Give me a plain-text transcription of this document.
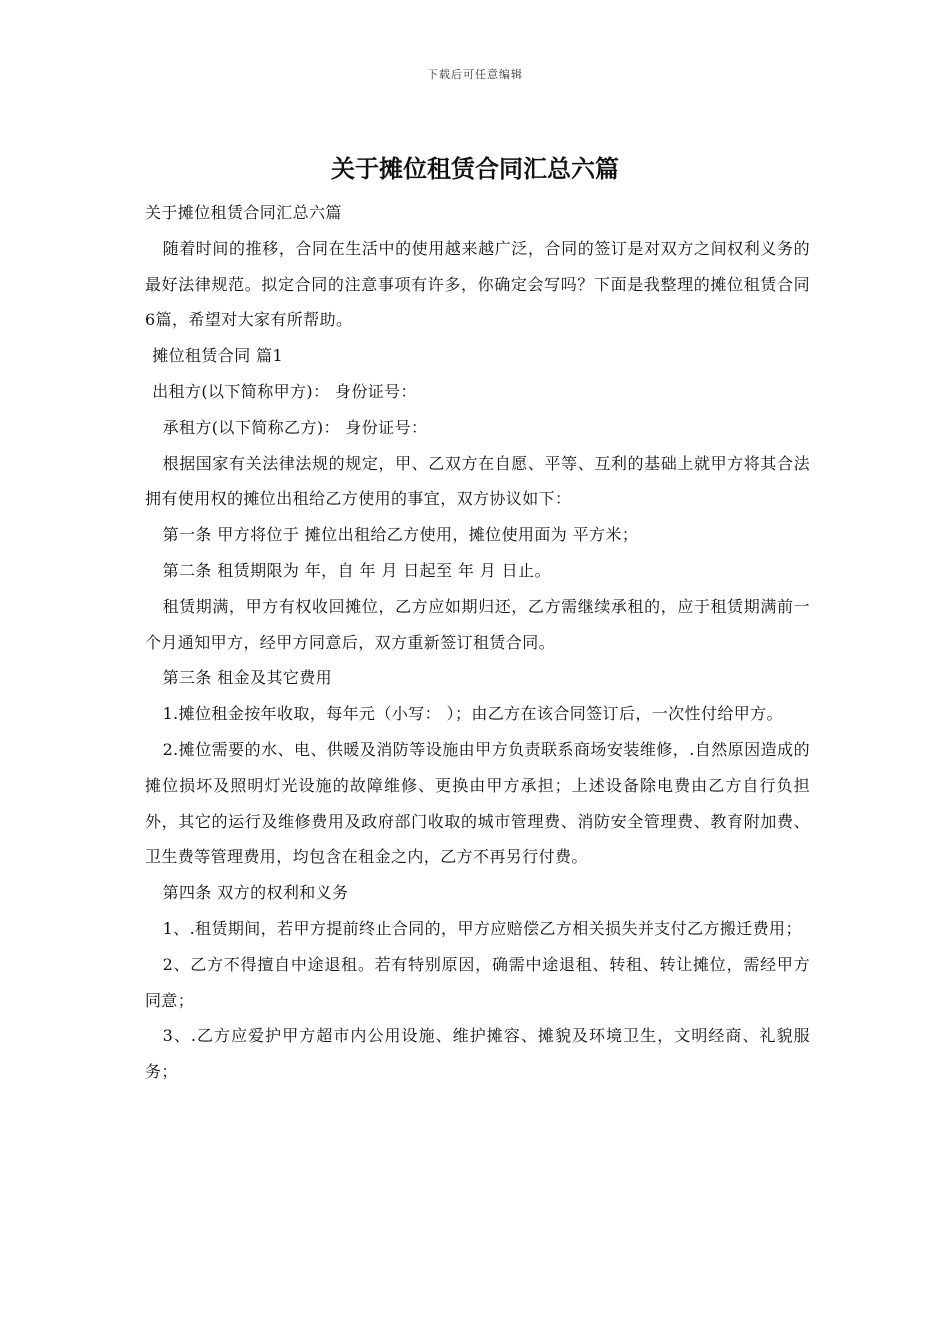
下载后可任意编辑
关于摊位租赁合同汇总六篇

关于摊位租赁合同汇总六篇

随着时间的推移，合同在生活中的使用越来越广泛，合同的签订是对双方之间权利义务的最好法律规范。拟定合同的注意事项有许多，你确定会写吗？下面是我整理的摊位租赁合同6篇，希望对大家有所帮助。

摊位租赁合同 篇1

出租方(以下简称甲方)： 身份证号：

承租方(以下简称乙方)： 身份证号：

根据国家有关法律法规的规定，甲、乙双方在自愿、平等、互利的基础上就甲方将其合法拥有使用权的摊位出租给乙方使用的事宜，双方协议如下：

第一条 甲方将位于 摊位出租给乙方使用，摊位使用面为 平方米；

第二条 租赁期限为 年，自 年 月 日起至 年 月 日止。

租赁期满，甲方有权收回摊位，乙方应如期归还，乙方需继续承租的，应于租赁期满前一个月通知甲方，经甲方同意后，双方重新签订租赁合同。

第三条 租金及其它费用

1.摊位租金按年收取，每年元（小写： ）；由乙方在该合同签订后，一次性付给甲方。

2.摊位需要的水、电、供暖及消防等设施由甲方负责联系商场安装维修，.自然原因造成的摊位损坏及照明灯光设施的故障维修、更换由甲方承担；上述设备除电费由乙方自行负担外，其它的运行及维修费用及政府部门收取的城市管理费、消防安全管理费、教育附加费、卫生费等管理费用，均包含在租金之内，乙方不再另行付费。

第四条 双方的权利和义务

1、.租赁期间，若甲方提前终止合同的，甲方应赔偿乙方相关损失并支付乙方搬迁费用；

2、乙方不得擅自中途退租。若有特别原因，确需中途退租、转租、转让摊位，需经甲方同意；

3、.乙方应爱护甲方超市内公用设施、维护摊容、摊貌及环境卫生，文明经商、礼貌服务；
